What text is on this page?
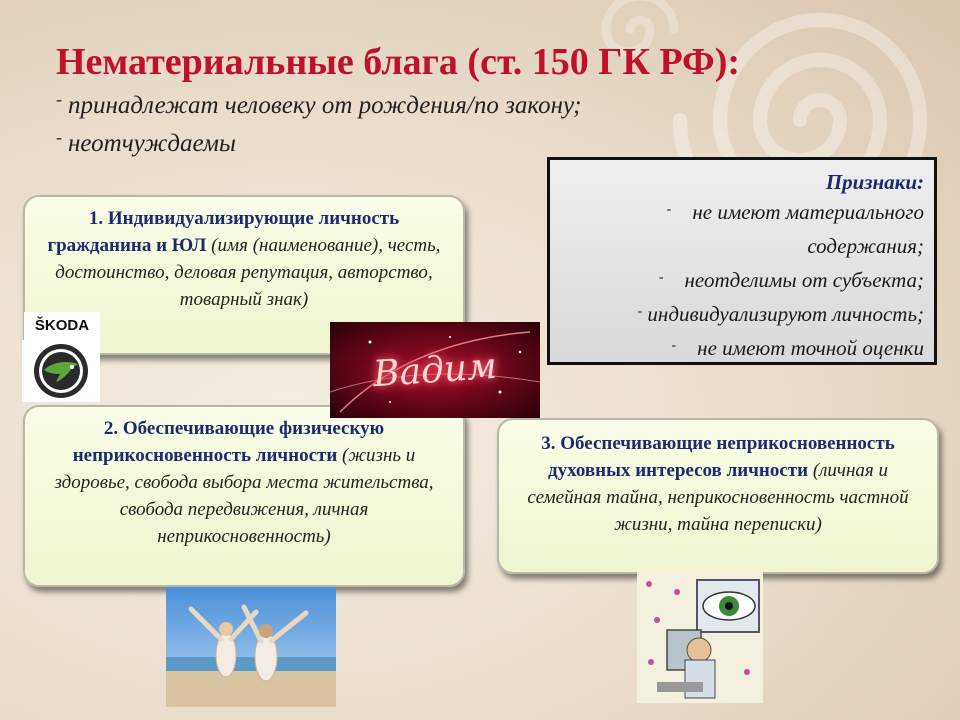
Нематериальные блага (ст. 150 ГК РФ):
- принадлежат человеку от рождения/по закону;
- неотчуждаемы
Признаки:
- не имеют материального
содержания;
- неотделимы от субъекта;
- индивидуализируют личность;
- не имеют точной оценки
1. Индивидуализирующие личность гражданина и ЮЛ (имя (наименование), честь, достоинство, деловая репутация, авторство, товарный знак)
2. Обеспечивающие физическую неприкосновенность личности (жизнь и здоровье, свобода выбора места жительства, свобода передвижения, личная неприкосновенность)
3. Обеспечивающие неприкосновенность духовных интересов личности (личная и семейная тайна, неприкосновенность частной жизни, тайна переписки)
ŠKODA
Вадим
